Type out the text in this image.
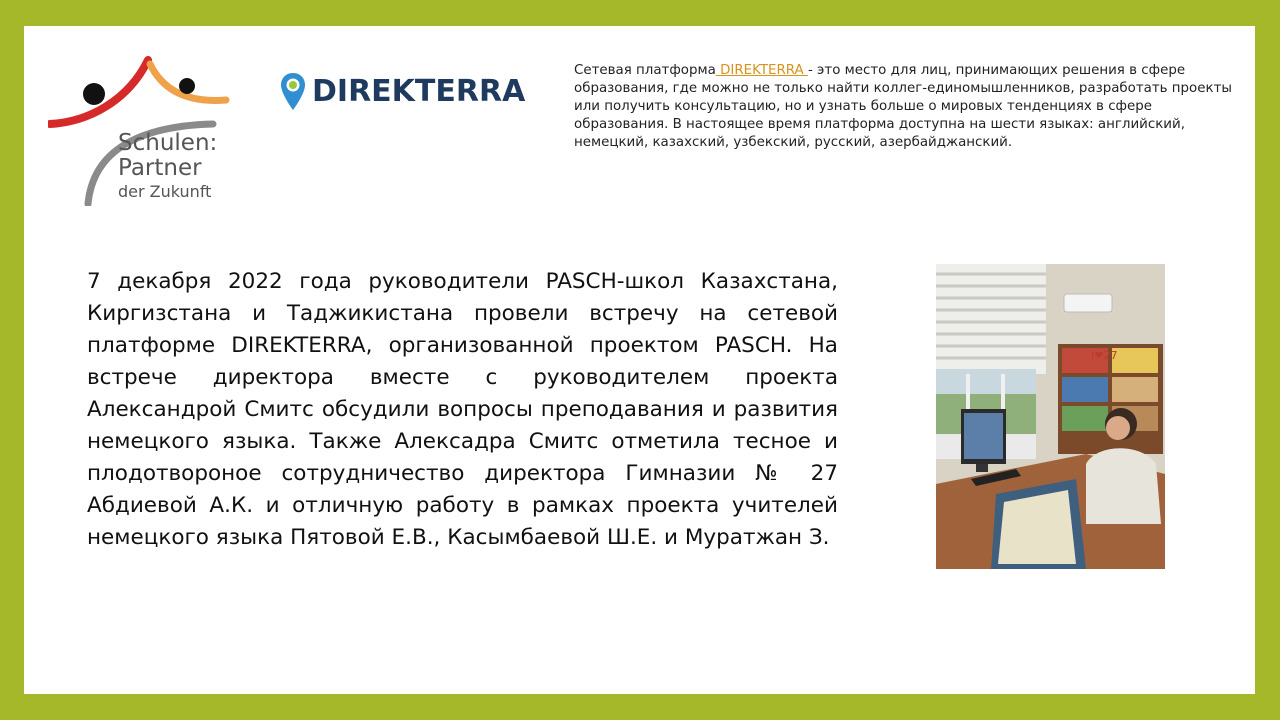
Schulen:
Partner
der Zukunft
DIREKTERRA
Сетевая платформа DIREKTERRA - это место для лиц, принимающих решения в сфере образования, где можно не только найти коллег-единомышленников, разработать проекты или получить консультацию, но и узнать больше о мировых тенденциях в сфере образования. В настоящее время платформа доступна на шести языках: английский, немецкий, казахский, узбекский, русский, азербайджанский.
7 декабря 2022 года руководители PASCH-школ Казахстана, Киргизстана и Таджикистана провели встречу на сетевой платформе DIREKTERRA, организованной проектом PASCH. На встрече директора вместе с руководителем проекта Александрой Смитс обсудили вопросы преподавания и развития немецкого языка. Также Алексадра Смитс отметила тесное и плодотвороное сотрудничество директора Гимназии № 27 Абдиевой А.К. и отличную работу в рамках проекта учителей немецкого языка Пятовой Е.В., Касымбаевой Ш.Е. и Муратжан З.
I❤27
